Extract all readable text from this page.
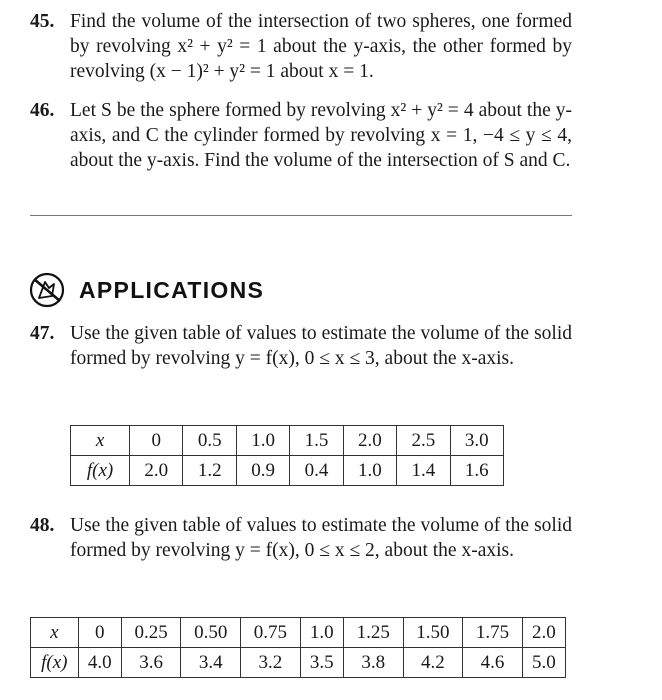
45. Find the volume of the intersection of two spheres, one formed by revolving x² + y² = 1 about the y-axis, the other formed by revolving (x − 1)² + y² = 1 about x = 1.
46. Let S be the sphere formed by revolving x² + y² = 4 about the y-axis, and C the cylinder formed by revolving x = 1, −4 ≤ y ≤ 4, about the y-axis. Find the volume of the intersection of S and C.
APPLICATIONS
47. Use the given table of values to estimate the volume of the solid formed by revolving y = f(x), 0 ≤ x ≤ 3, about the x-axis.
x	0	0.5	1.0	1.5	2.0	2.5	3.0
f(x)	2.0	1.2	0.9	0.4	1.0	1.4	1.6
48. Use the given table of values to estimate the volume of the solid formed by revolving y = f(x), 0 ≤ x ≤ 2, about the x-axis.
x	0	0.25	0.50	0.75	1.0	1.25	1.50	1.75	2.0
f(x)	4.0	3.6	3.4	3.2	3.5	3.8	4.2	4.6	5.0
